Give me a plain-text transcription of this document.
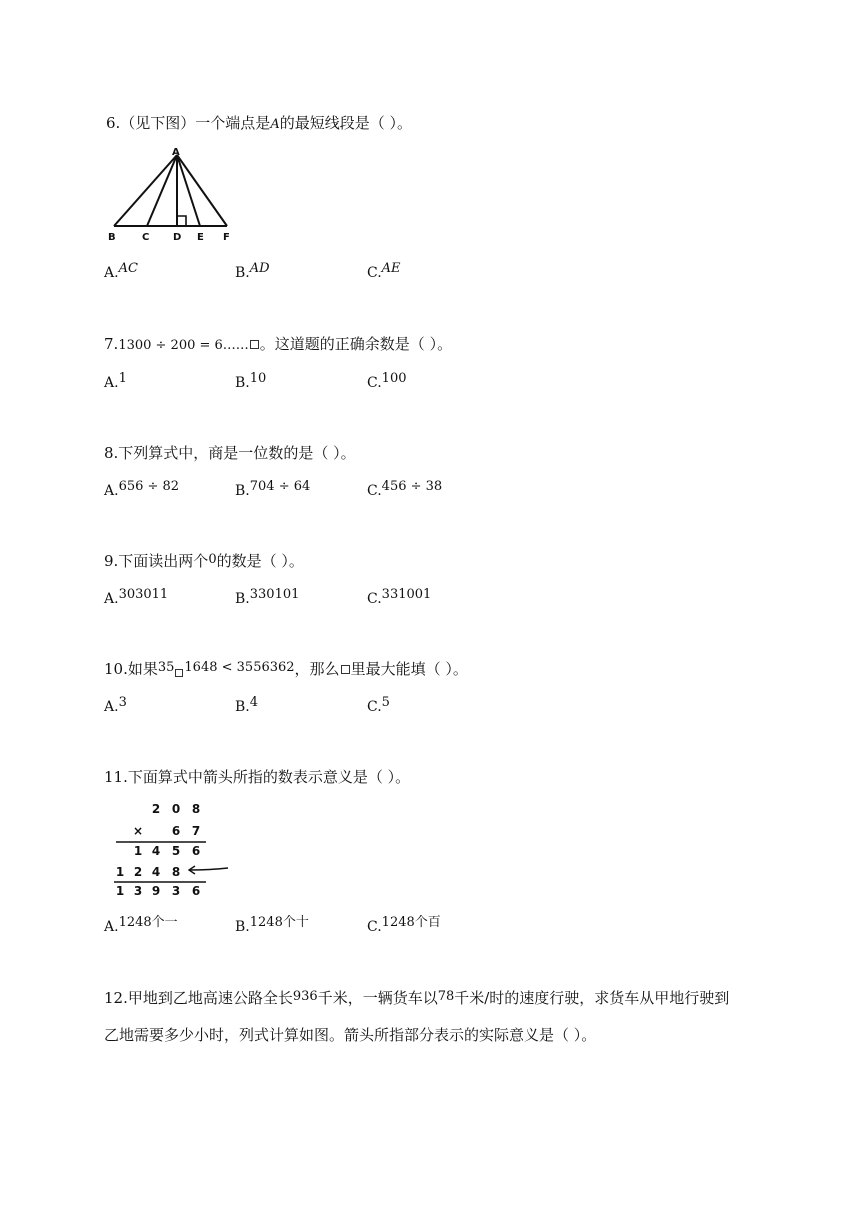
6.（见下图）一个端点是A的最短线段是（ ）。
A
B	C D E F
A.AC	B.AD	C.AE
7.1300 ÷ 200 = 6…… 。这道题的正确余数是（ ）。
A.1	B.10	C.100
8.下列算式中，商是一位数的是（ ）。
A.656 ÷ 82	B.704 ÷ 64	C.456 ÷ 38
9.下面读出两个0的数是（ ）。
A.303011	B.330101	C.331001
10.如果35 1648 < 3556362，那么 里最大能填（ ）。
A.3	B.4	C.5
11.下面算式中箭头所指的数表示意义是（ ）。
2 0 8
× 6 7
1 4 5 6
1 2 4 8
1 3 9 3 6
A.1248个一	B.1248个十	C.1248个百
12.甲地到乙地高速公路全长936千米，一辆货车以78千米/时的速度行驶，求货车从甲地行驶到
乙地需要多少小时，列式计算如图。箭头所指部分表示的实际意义是（ ）。
